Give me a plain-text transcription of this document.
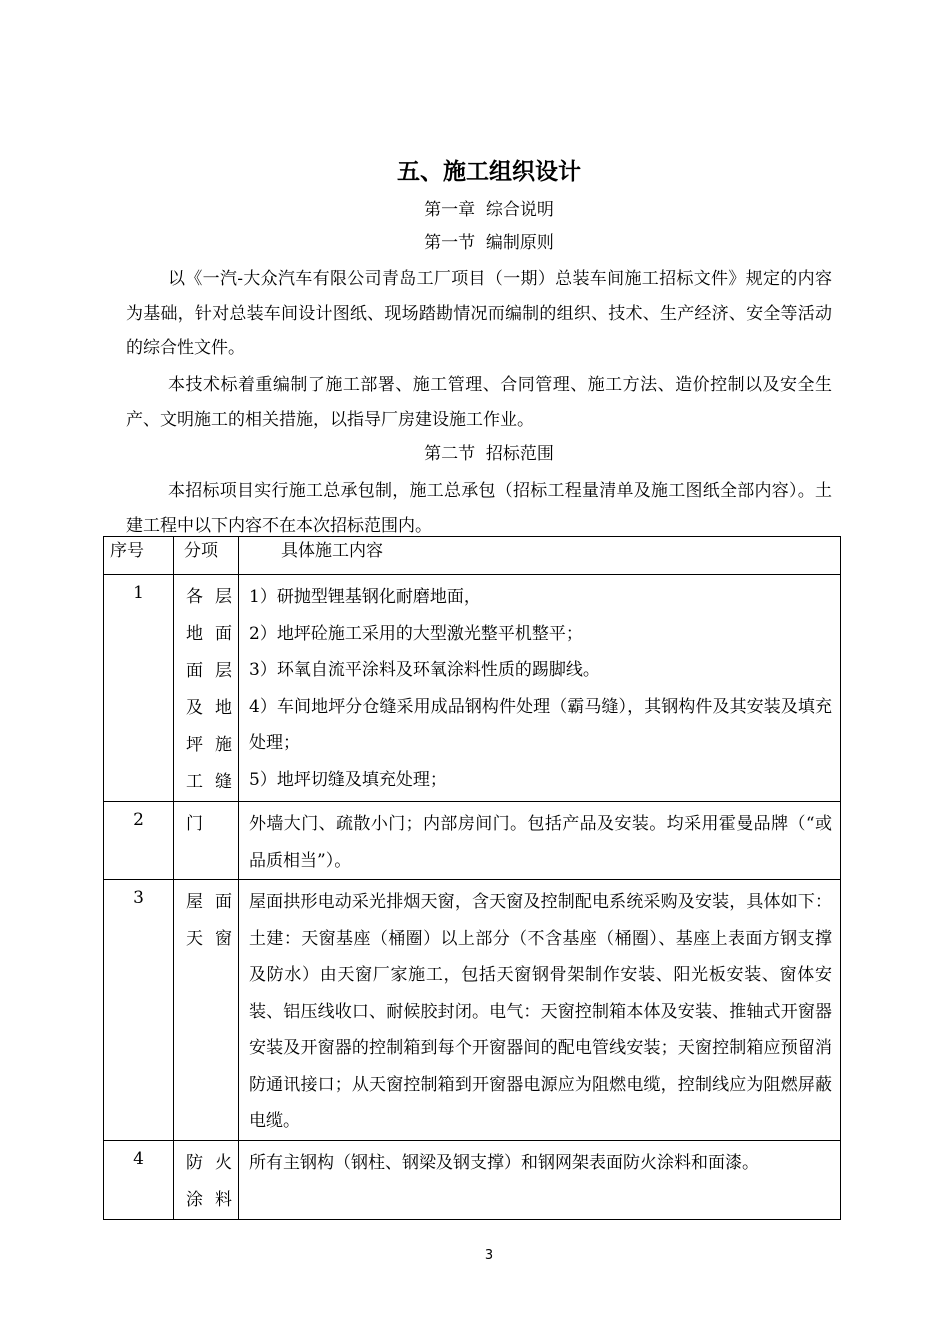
五、施工组织设计
第一章  综合说明
第一节  编制原则
以《一汽-大众汽车有限公司青岛工厂项目（一期）总装车间施工招标文件》规定的内容为基础，针对总装车间设计图纸、现场踏勘情况而编制的组织、技术、生产经济、安全等活动的综合性文件。
本技术标着重编制了施工部署、施工管理、合同管理、施工方法、造价控制以及安全生产、文明施工的相关措施，以指导厂房建设施工作业。
第二节  招标范围
本招标项目实行施工总承包制，施工总承包（招标工程量清单及施工图纸全部内容）。土建工程中以下内容不在本次招标范围内。
序号	分项	具体施工内容
1	各层地面面层及地坪施工缝	1）研抛型锂基钢化耐磨地面，
2）地坪砼施工采用的大型激光整平机整平；
3）环氧自流平涂料及环氧涂料性质的踢脚线。
4）车间地坪分仓缝采用成品钢构件处理（霸马缝），其钢构件及其安装及填充处理；
5）地坪切缝及填充处理；

2	门	外墙大门、疏散小门；内部房间门。包括产品及安装。均采用霍曼品牌（“或品质相当”）。

3	屋面天窗	屋面拱形电动采光排烟天窗，含天窗及控制配电系统采购及安装，具体如下：土建：天窗基座（桶圈）以上部分（不含基座（桶圈）、基座上表面方钢支撑及防水）由天窗厂家施工，包括天窗钢骨架制作安装、阳光板安装、窗体安装、铝压线收口、耐候胶封闭。电气：天窗控制箱本体及安装、推轴式开窗器安装及开窗器的控制箱到每个开窗器间的配电管线安装；天窗控制箱应预留消防通讯接口；从天窗控制箱到开窗器电源应为阻燃电缆，控制线应为阻燃屏蔽电缆。

4	防火涂料	所有主钢构（钢柱、钢梁及钢支撑）和钢网架表面防火涂料和面漆。
3
